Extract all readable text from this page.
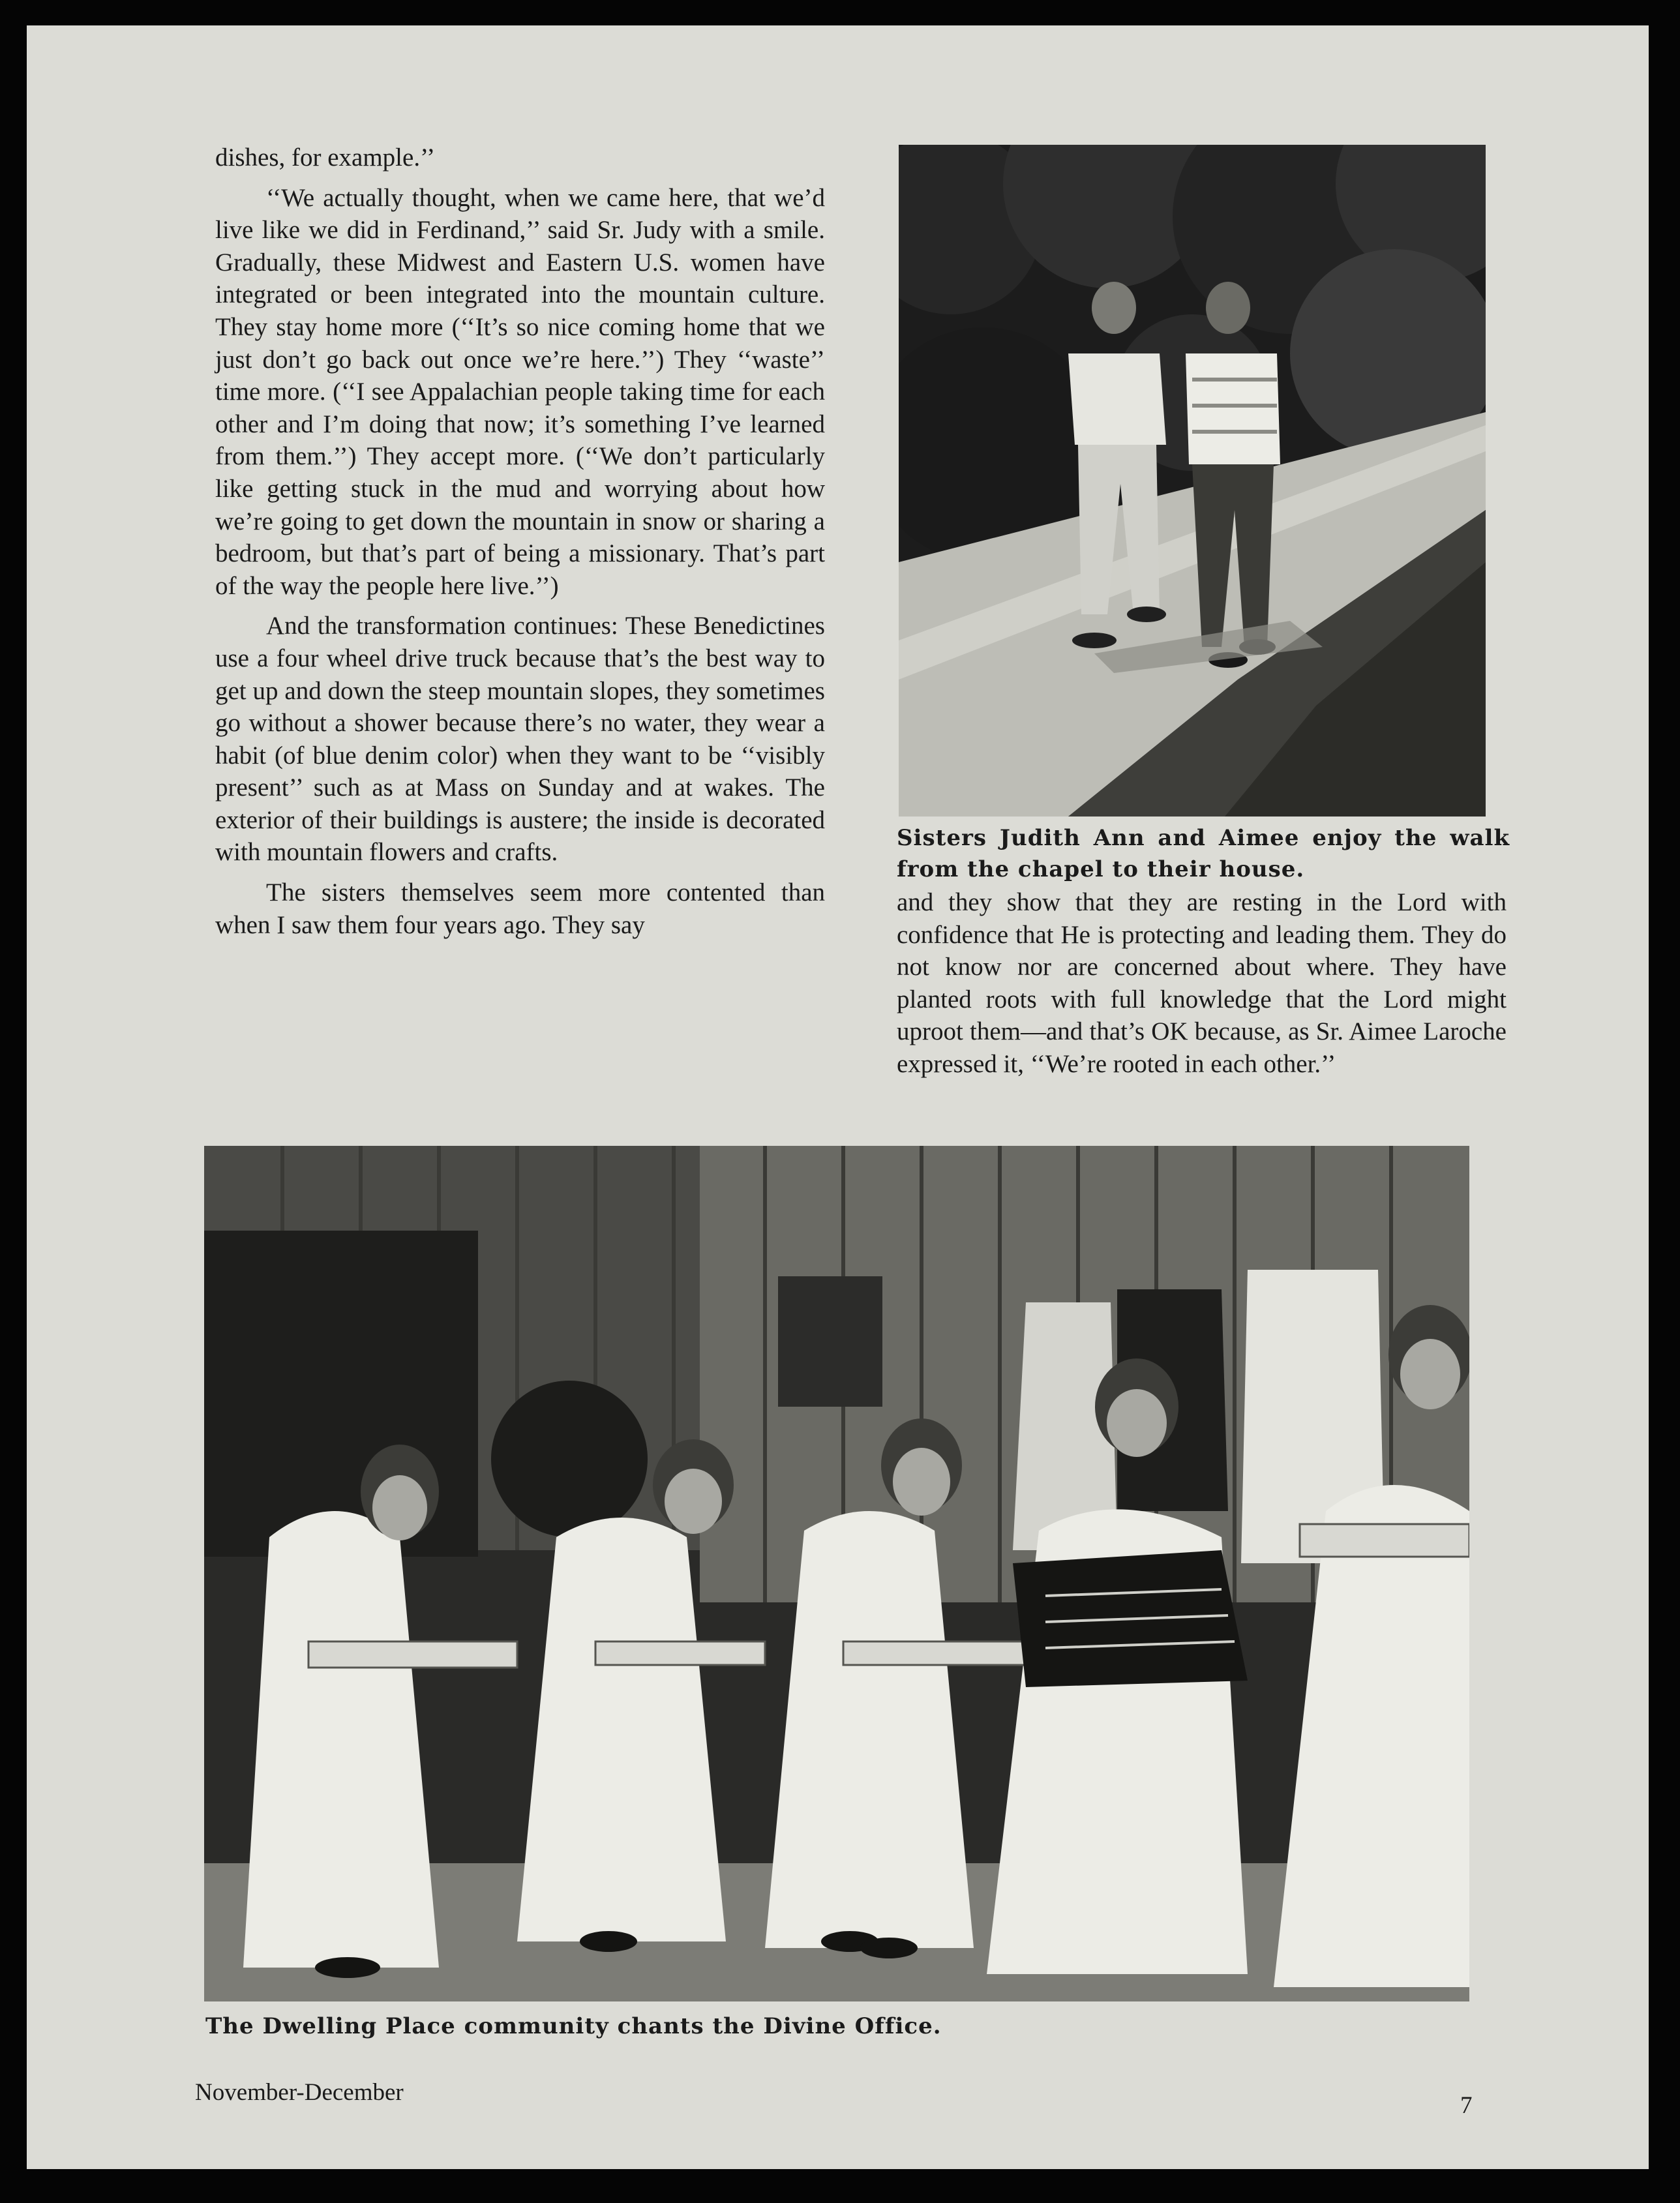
dishes, for example.’’

‘‘We actually thought, when we came here, that we’d live like we did in Ferdinand,’’ said Sr. Judy with a smile. Gradually, these Midwest and Eastern U.S. women have integrated or been integrated into the mountain culture. They stay home more (‘‘It’s so nice coming home that we just don’t go back out once we’re here.’’) They ‘‘waste’’ time more. (‘‘I see Appalachian people taking time for each other and I’m doing that now; it’s something I’ve learned from them.’’) They accept more. (‘‘We don’t particularly like getting stuck in the mud and worrying about how we’re going to get down the mountain in snow or sharing a bedroom, but that’s part of being a missionary. That’s part of the way the people here live.’’)

And the transformation continues: These Benedictines use a four wheel drive truck because that’s the best way to get up and down the steep mountain slopes, they sometimes go without a shower because there’s no water, they wear a habit (of blue denim color) when they want to be ‘‘visibly present’’ such as at Mass on Sunday and at wakes. The exterior of their buildings is austere; the inside is decorated with mountain flowers and crafts.

The sisters themselves seem more contented than when I saw them four years ago. They say

Sisters Judith Ann and Aimee enjoy the walk from the chapel to their house.

and they show that they are resting in the Lord with confidence that He is protecting and leading them. They do not know nor are concerned about where. They have planted roots with full knowledge that the Lord might uproot them—and that’s OK because, as Sr. Aimee Laroche expressed it, ‘‘We’re rooted in each other.’’

The Dwelling Place community chants the Divine Office.
November-December	7
